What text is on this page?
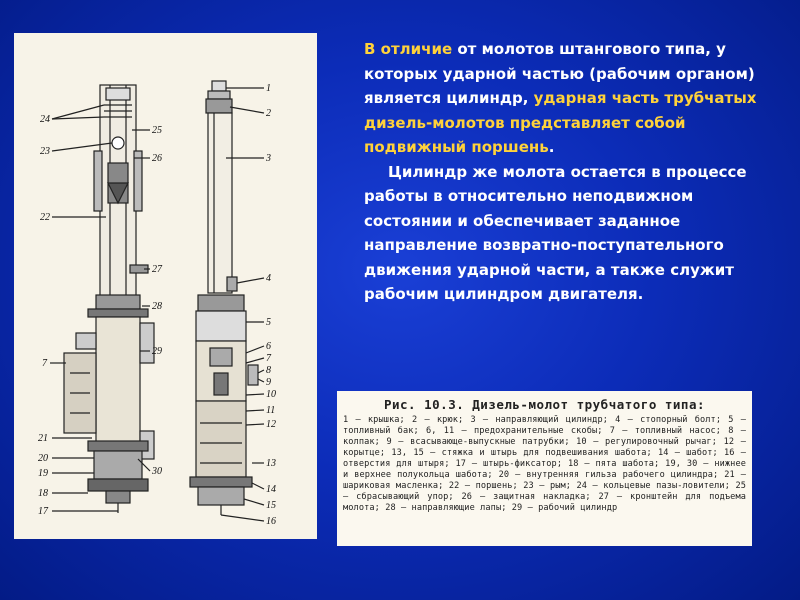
24
23
22
7
21
20
19
18
17
25
26
27
28
29
30
1
2
3
4
5
6
7
8
9
10
11
12
13
14
15
16

В отличие от молотов штангового типа, у которых ударной частью (рабочим органом) является цилиндр, ударная часть трубчатых дизель-молотов представляет собой подвижный поршень.

Цилиндр же молота остается в процессе работы в относительно неподвижном состоянии и обеспечивает заданное направление возвратно-поступательного движения ударной части, а также служит рабочим цилиндром двигателя.

Рис. 10.3. Дизель-молот трубчатого типа:
1 — крышка; 2 — крюк; 3 — направляющий цилиндр; 4 — стопорный болт; 5 — топливный бак; 6, 11 — предохранительные скобы; 7 — топливный насос; 8 — колпак; 9 — всасывающе-выпускные патрубки; 10 — регулировочный рычаг; 12 — корытце; 13, 15 — стяжка и штырь для подвешивания шабота; 14 — шабот; 16 — отверстия для штыря; 17 — штырь-фиксатор; 18 — пята шабота; 19, 30 — нижнее и верхнее полукольца шабота; 20 — внутренняя гильза рабочего цилиндра; 21 — шариковая масленка; 22 — поршень; 23 — рым; 24 — кольцевые пазы-ловители; 25 — сбрасывающий упор; 26 — защитная накладка; 27 — кронштейн для подъема молота; 28 — направляющие лапы; 29 — рабочий цилиндр
